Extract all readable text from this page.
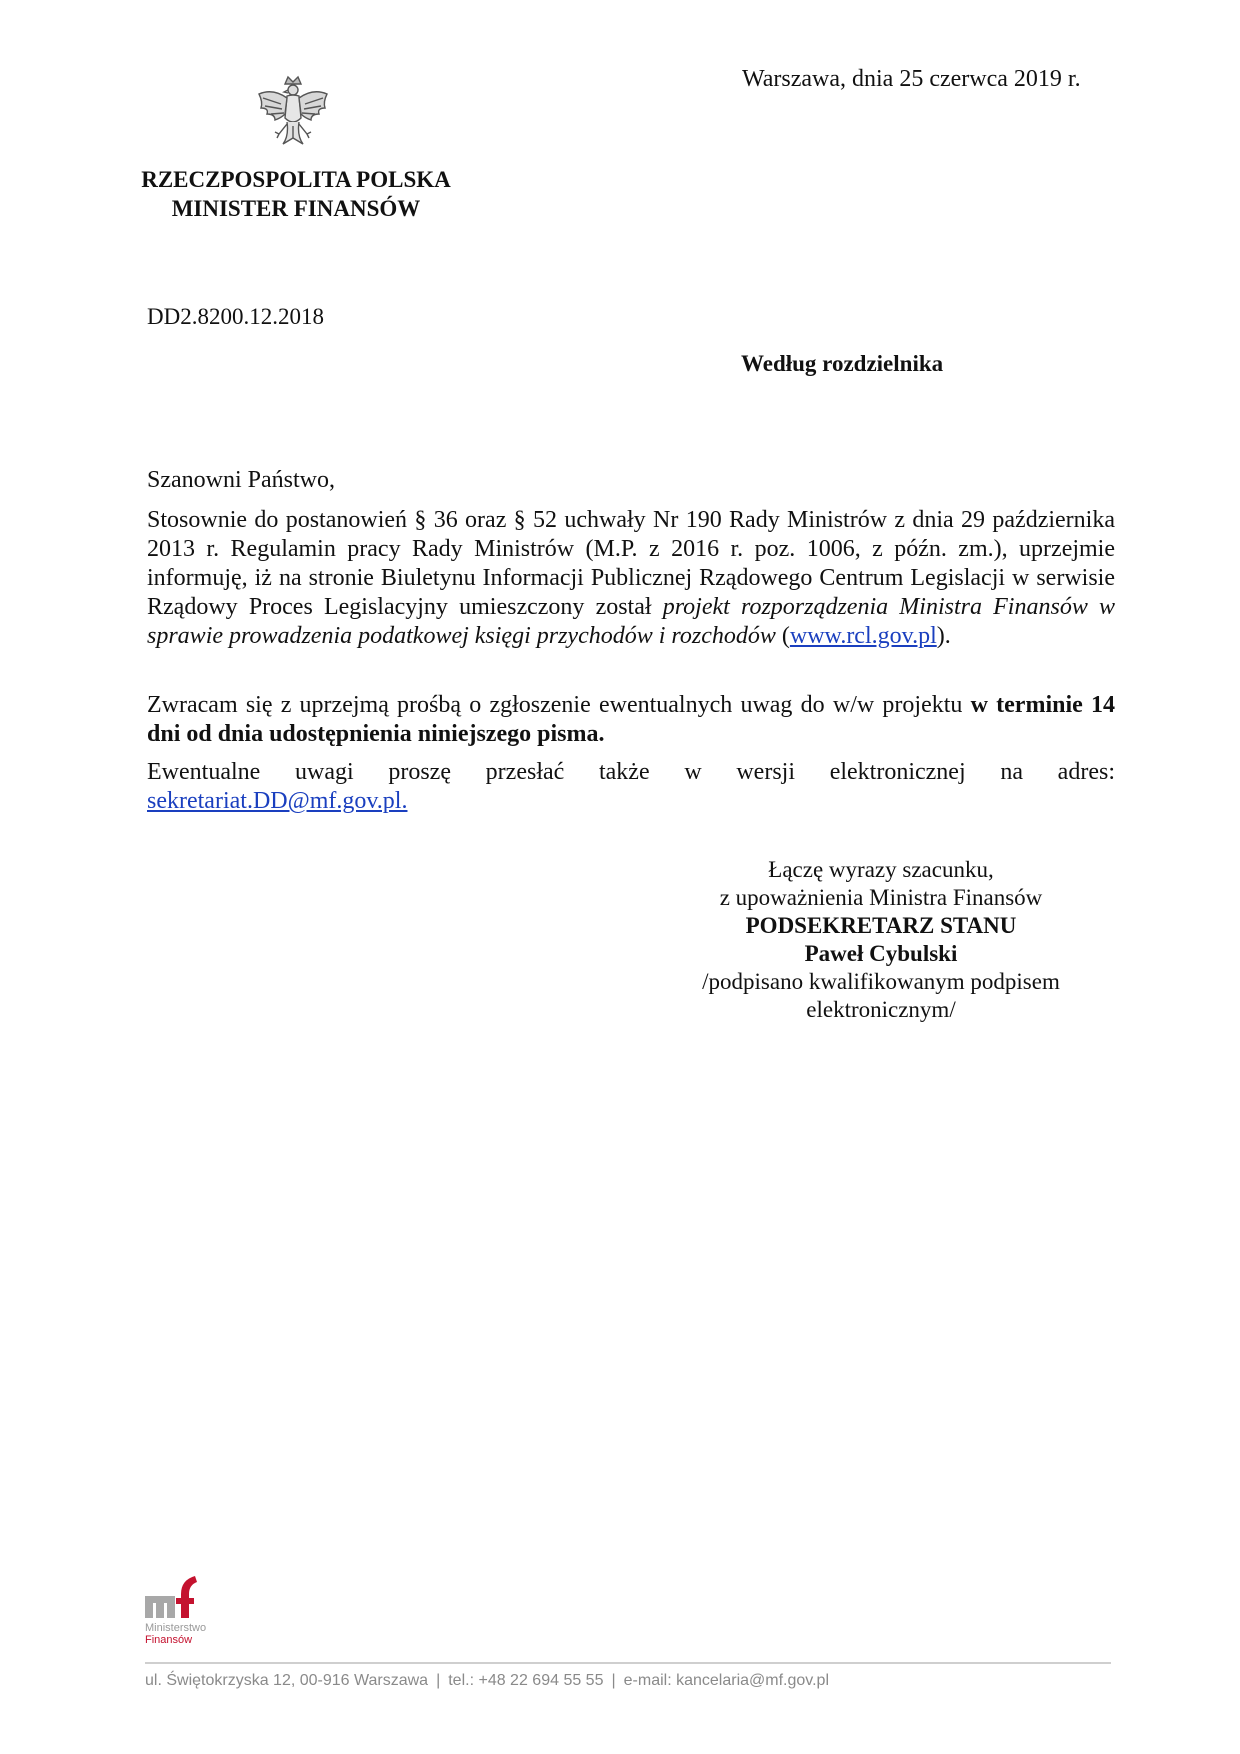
RZECZPOSPOLITA POLSKA
MINISTER FINANSÓW
Warszawa, dnia 25 czerwca 2019 r.
DD2.8200.12.2018
Według rozdzielnika
Szanowni Państwo,

Stosownie do postanowień § 36 oraz § 52 uchwały Nr 190 Rady Ministrów z dnia 29 października 2013 r. Regulamin pracy Rady Ministrów (M.P. z 2016 r. poz. 1006, z późn. zm.), uprzejmie informuję, iż na stronie Biuletynu Informacji Publicznej Rządowego Centrum Legislacji w serwisie Rządowy Proces Legislacyjny umieszczony został projekt rozporządzenia Ministra Finansów w sprawie prowadzenia podatkowej księgi przychodów i rozchodów (www.rcl.gov.pl).

Zwracam się z uprzejmą prośbą o zgłoszenie ewentualnych uwag do w/w projektu w terminie 14 dni od dnia udostępnienia niniejszego pisma.

Ewentualne uwagi proszę przesłać także w wersji elektronicznej na adres: sekretariat.DD@mf.gov.pl.

Łączę wyrazy szacunku,
z upoważnienia Ministra Finansów
PODSEKRETARZ STANU
Paweł Cybulski
/podpisano kwalifikowanym podpisem
elektronicznym/
Ministerstwo
Finansów
ul. Świętokrzyska 12, 00-916 Warszawa | tel.: +48 22 694 55 55 | e-mail: kancelaria@mf.gov.pl
